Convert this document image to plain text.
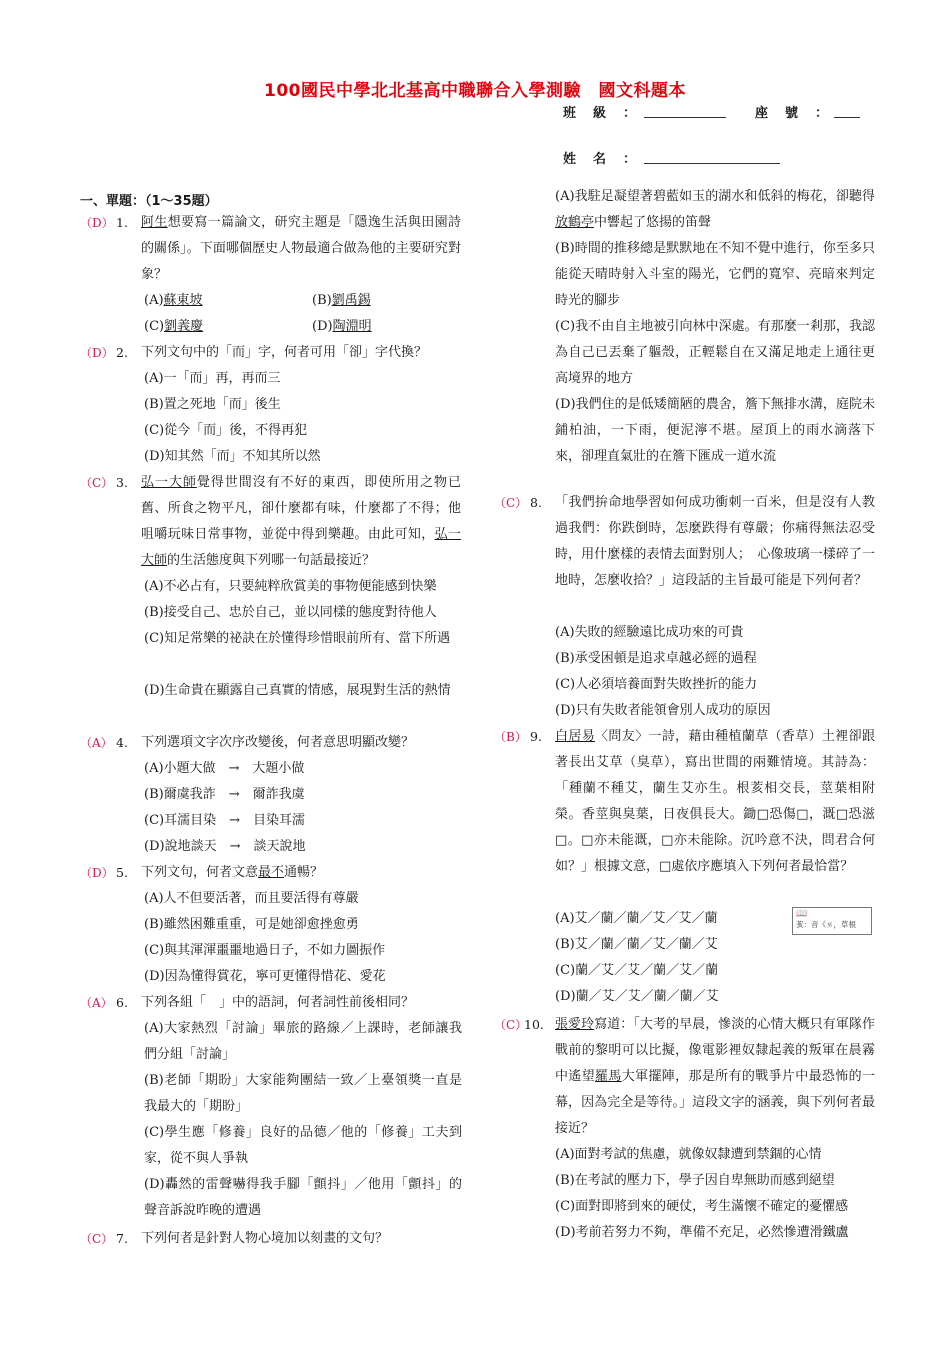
100國民中學北北基高中職聯合入學測驗　國文科題本
班　級　：	座　號　：
姓　名　：
一、單題：（1～35題）
（D） 1. 阿生想要寫一篇論文，研究主題是「隱逸生活與田園詩的關係」。下面哪個歷史人物最適合做為他的主要研究對象？
(A)蘇東坡	(B)劉禹錫
(C)劉義慶	(D)陶淵明
（D） 2. 下列文句中的「而」字，何者可用「卻」字代換？
(A)一「而」再，再而三
(B)置之死地「而」後生
(C)從今「而」後，不得再犯
(D)知其然「而」不知其所以然
（C） 3. 弘一大師覺得世間沒有不好的東西，即使所用之物已舊、所食之物平凡，卻什麼都有味，什麼都了不得；他咀嚼玩味日常事物，並從中得到樂趣。由此可知，弘一大師的生活態度與下列哪一句話最接近？
(A)不必占有，只要純粹欣賞美的事物便能感到快樂
(B)接受自己、忠於自己，並以同樣的態度對待他人
(C)知足常樂的祕訣在於懂得珍惜眼前所有、當下所遇
(D)生命貴在顯露自己真實的情感，展現對生活的熱情
（A） 4. 下列選項文字次序改變後，何者意思明顯改變？
(A)小題大做　→　大題小做
(B)爾虞我詐　→　爾詐我虞
(C)耳濡目染　→　目染耳濡
(D)說地談天　→　談天說地
（D） 5. 下列文句，何者文意最不通暢？
(A)人不但要活著，而且要活得有尊嚴
(B)雖然困難重重，可是她卻愈挫愈勇
(C)與其渾渾噩噩地過日子，不如力圖振作
(D)因為懂得賞花，寧可更懂得惜花、愛花
（A） 6. 下列各組「　」中的語詞，何者詞性前後相同？
(A)大家熱烈「討論」畢旅的路線／上課時，老師讓我們分組「討論」
(B)老師「期盼」大家能夠團結一致／上臺領獎一直是我最大的「期盼」
(C)學生應「修養」良好的品德／他的「修養」工夫到家，從不與人爭執
(D)轟然的雷聲嚇得我手腳「顫抖」／他用「顫抖」的聲音訴說昨晚的遭遇
（C） 7. 下列何者是針對人物心境加以刻畫的文句？
(A)我駐足凝望著碧藍如玉的湖水和低斜的梅花，卻聽得放鶴亭中響起了悠揚的笛聲
(B)時間的推移總是默默地在不知不覺中進行，你至多只能從天晴時射入斗室的陽光，它們的寬窄、亮暗來判定時光的腳步
(C)我不由自主地被引向林中深處。有那麼一剎那，我認為自己已丟棄了軀殼，正輕鬆自在又滿足地走上通往更高境界的地方
(D)我們住的是低矮簡陋的農舍，簷下無排水溝，庭院未鋪柏油，一下雨，便泥濘不堪。屋頂上的雨水滴落下來，卻理直氣壯的在簷下匯成一道水流
（C） 8. 「我們拚命地學習如何成功衝刺一百米，但是沒有人教過我們：你跌倒時，怎麼跌得有尊嚴；你痛得無法忍受時，用什麼樣的表情去面對別人；　心像玻璃一樣碎了一地時，怎麼收拾？」這段話的主旨最可能是下列何者？
(A)失敗的經驗遠比成功來的可貴
(B)承受困頓是追求卓越必經的過程
(C)人必須培養面對失敗挫折的能力
(D)只有失敗者能領會別人成功的原因
（B） 9. 白居易〈問友〉一詩，藉由種植蘭草（香草）土裡卻跟著長出艾草（臭草），寫出世間的兩難情境。其詩為：「種蘭不種艾，蘭生艾亦生。根荄相交長，莖葉相附榮。香莖與臭葉，日夜俱長大。鋤□恐傷□，溉□恐滋□。□亦未能溉，□亦未能除。沉吟意不決，問君合何如？」根據文意，□處依序應填入下列何者最恰當？
(A)艾／蘭／蘭／艾／艾／蘭
(B)艾／蘭／蘭／艾／蘭／艾
(C)蘭／艾／艾／蘭／艾／蘭
(D)蘭／艾／艾／蘭／蘭／艾
📖
荄：音《ㄞ，草根
（C）
10. 張愛玲寫道：「大考的早晨，慘淡的心情大概只有軍隊作戰前的黎明可以比擬，像電影裡奴隸起義的叛軍在晨霧中遙望羅馬大軍擺陣，那是所有的戰爭片中最恐怖的一幕，因為完全是等待。」這段文字的涵義，與下列何者最接近？
(A)面對考試的焦慮，就像奴隸遭到禁錮的心情
(B)在考試的壓力下，學子因自卑無助而感到絕望
(C)面對即將到來的硬仗，考生滿懷不確定的憂懼感
(D)考前若努力不夠，準備不充足，必然慘遭滑鐵盧
